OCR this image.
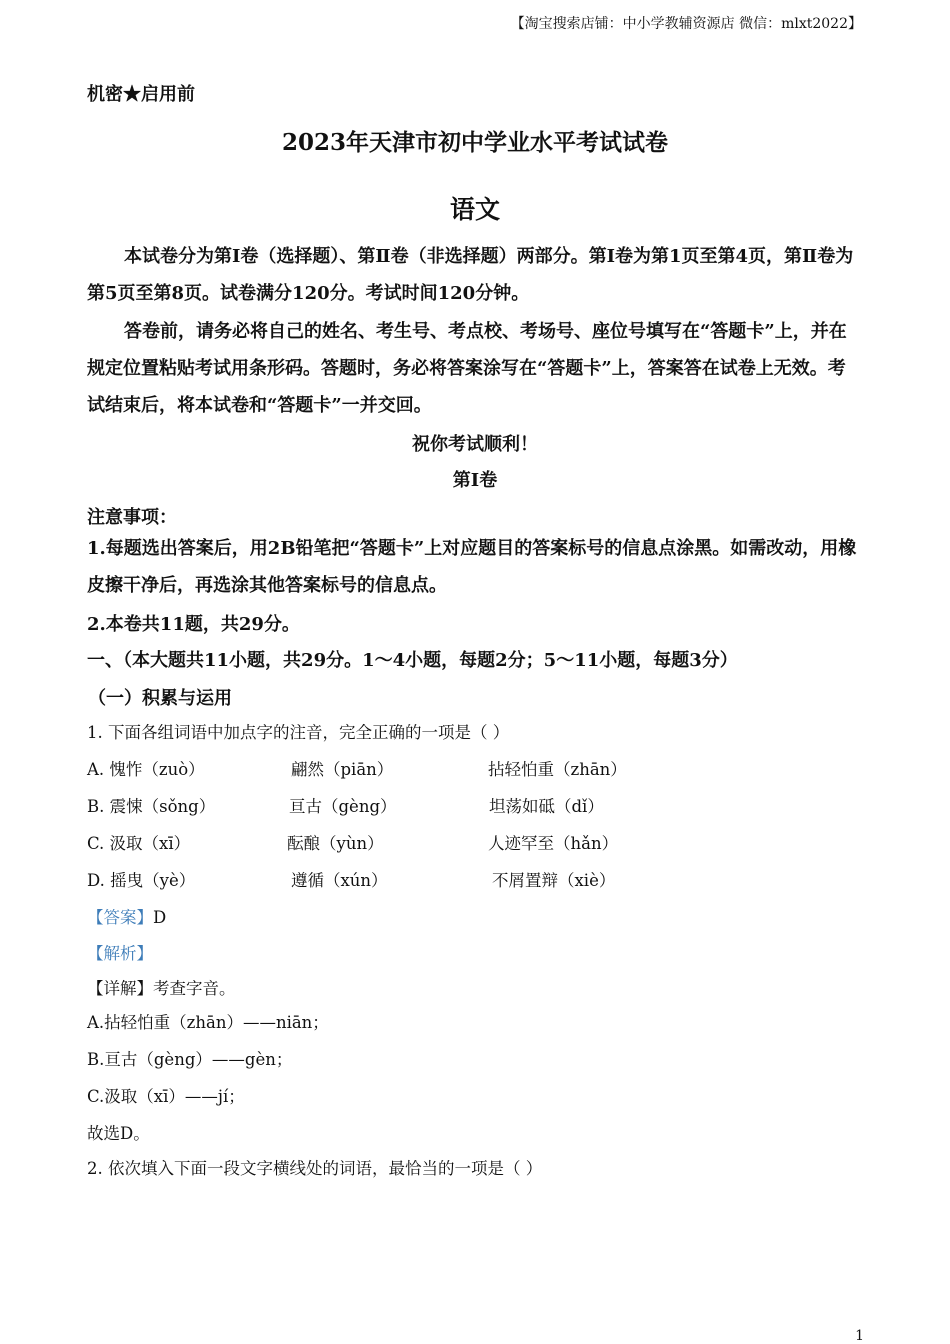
【淘宝搜索店铺：中小学教辅资源店 微信：mlxt2022】
机密★启用前
2023年天津市初中学业水平考试试卷
语文
本试卷分为第Ⅰ卷（选择题）、第Ⅱ卷（非选择题）两部分。第Ⅰ卷为第1页至第4页，第Ⅱ卷为第5页至第8页。试卷满分120分。考试时间120分钟。
答卷前，请务必将自己的姓名、考生号、考点校、考场号、座位号填写在“答题卡”上，并在规定位置粘贴考试用条形码。答题时，务必将答案涂写在“答题卡”上，答案答在试卷上无效。考试结束后，将本试卷和“答题卡”一并交回。
祝你考试顺利！
第Ⅰ卷
注意事项：
1.每题选出答案后，用2B铅笔把“答题卡”上对应题目的答案标号的信息点涂黑。如需改动，用橡皮擦干净后，再选涂其他答案标号的信息点。
2.本卷共11题，共29分。
一、（本大题共11小题，共29分。1～4小题，每题2分；5～11小题，每题3分）
（一）积累与运用
1. 下面各组词语中加点字的注音，完全正确的一项是（ ）
A. 愧怍（zuò）	翩然（piān）	拈轻怕重（zhān）
B. 震悚（sǒng）	亘古（gèng）	坦荡如砥（dǐ）
C. 汲取（xī）	酝酿（yùn）	人迹罕至（hǎn）
D. 摇曳（yè）	遵循（xún）	不屑置辩（xiè）
【答案】D
【解析】
【详解】考查字音。
A.拈轻怕重（zhān）——niān；
B.亘古（gèng）——gèn；
C.汲取（xī）——jí；
故选D。
2. 依次填入下面一段文字横线处的词语，最恰当的一项是（ ）
1
